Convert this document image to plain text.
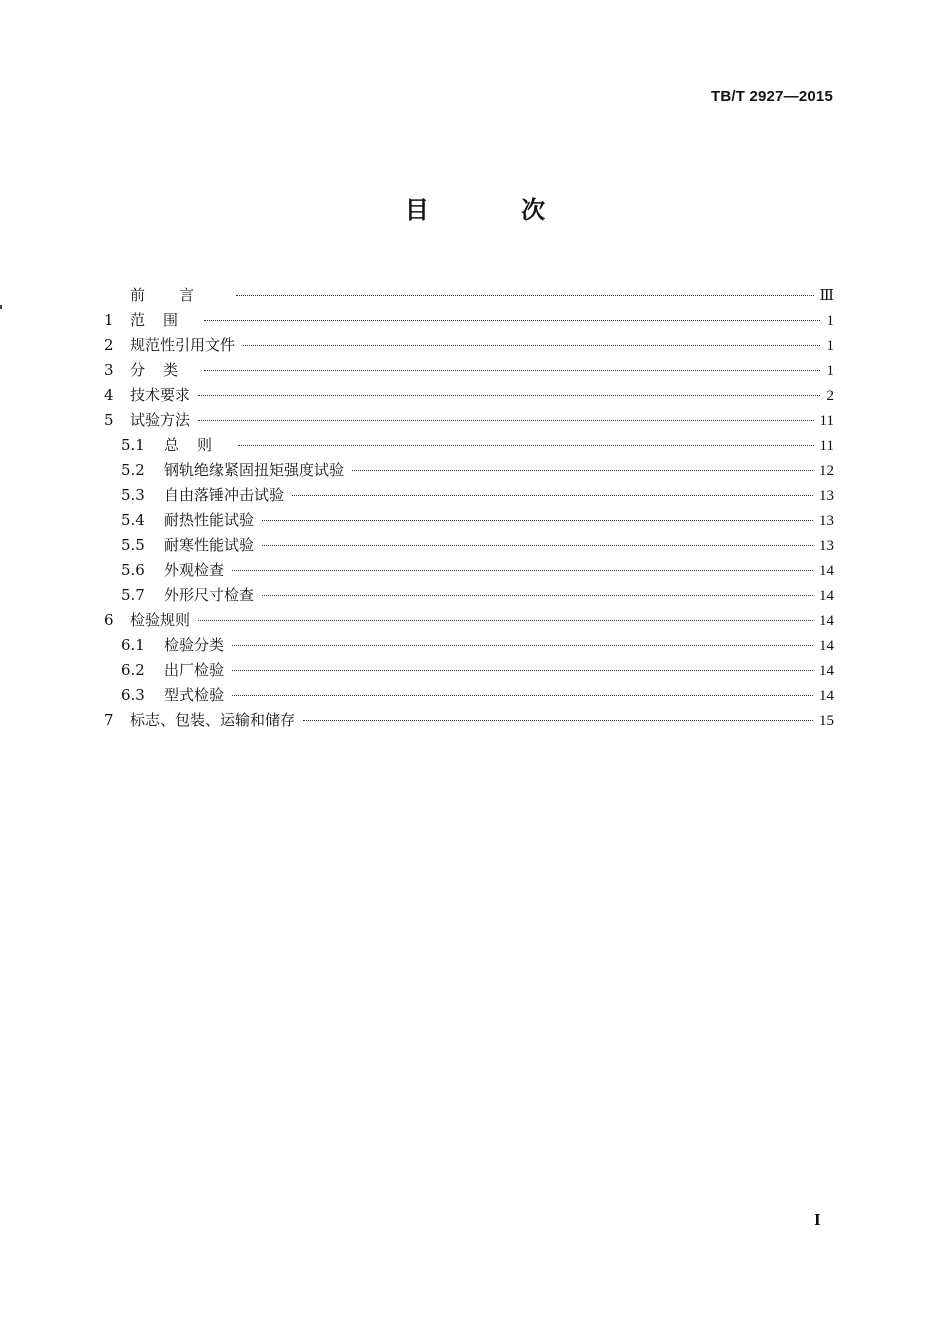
TB/T 2927—2015
目 次
前言	Ⅲ
1	范围	1
2	规范性引用文件	1
3	分类	1
4	技术要求	2
5	试验方法	11
5.1	总则	11
5.2	钢轨绝缘紧固扭矩强度试验	12
5.3	自由落锤冲击试验	13
5.4	耐热性能试验	13
5.5	耐寒性能试验	13
5.6	外观检查	14
5.7	外形尺寸检查	14
6	检验规则	14
6.1	检验分类	14
6.2	出厂检验	14
6.3	型式检验	14
7	标志、包装、运输和储存	15
I
